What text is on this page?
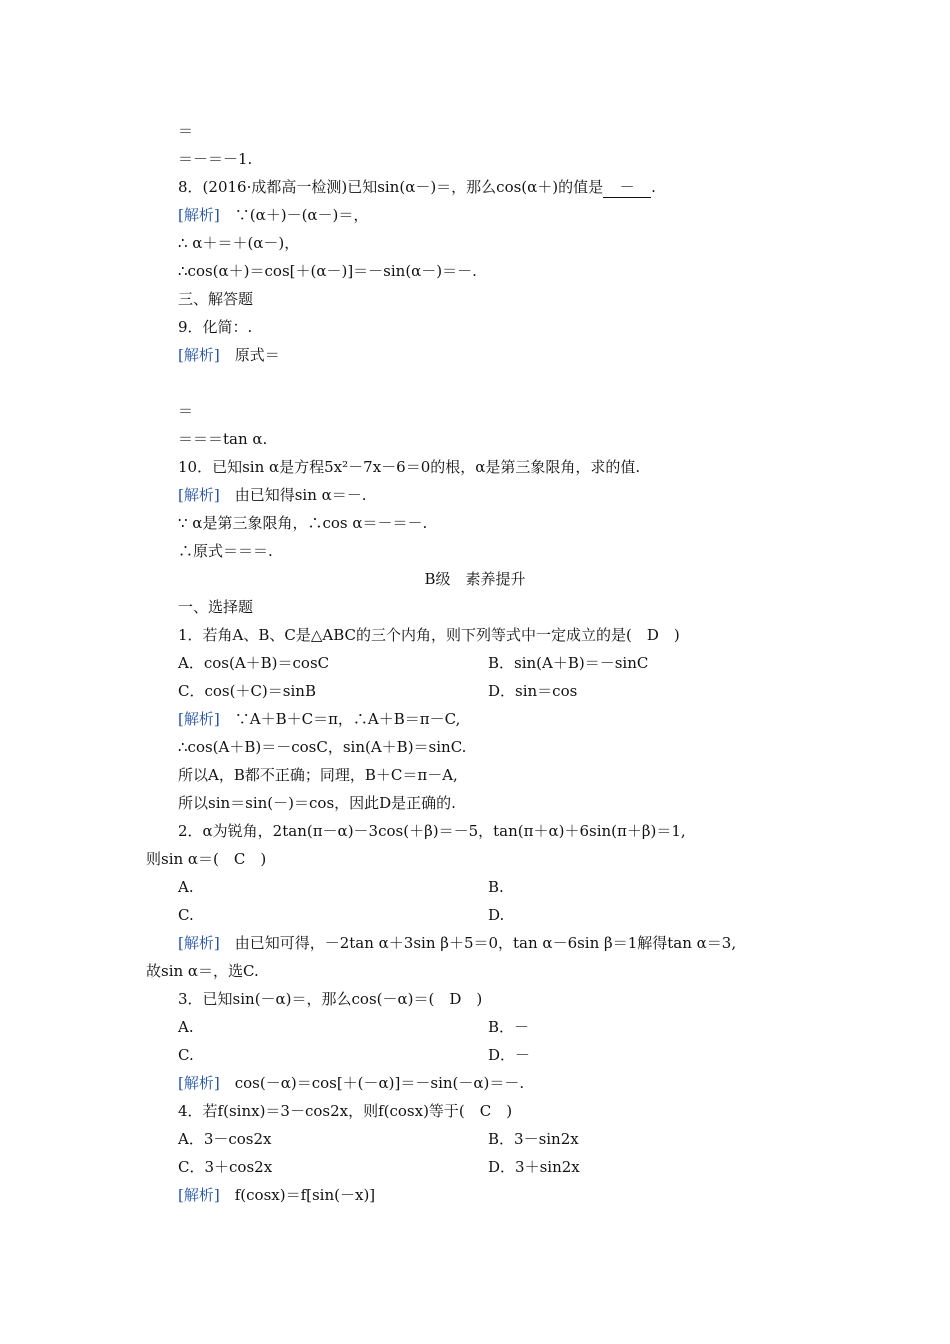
＝
＝－＝－1.
8．(2016·成都高一检测)已知sin(α－)＝，那么cos(α＋)的值是 － .
[解析]　 ∵(α＋)－(α－)＝，
∴ α＋＝＋(α－)，
∴cos(α＋)＝cos[＋(α－)]＝－sin(α－)＝－.
三、解答题
9．化简：.
[解析]　 原式＝
＝
＝＝＝tan α.
10．已知sin α是方程5x²－7x－6＝0的根，α是第三象限角，求的值.
[解析]　 由已知得sin α＝－.
∵ α是第三象限角，∴cos α＝－＝－.
∴原式＝＝＝.
B级　素养提升
一、选择题
1．若角A、B、C是△ABC的三个内角，则下列等式中一定成立的是(　D　)
A．cos(A＋B)＝cosC	B．sin(A＋B)＝－sinC
C．cos(＋C)＝sinB	D．sin＝cos
[解析]　 ∵A＋B＋C＝π，∴A＋B＝π－C,
∴cos(A＋B)＝－cosC，sin(A＋B)＝sinC.
所以A，B都不正确；同理，B＋C＝π－A,
所以sin＝sin(－)＝cos，因此D是正确的.
2．α为锐角，2tan(π－α)－3cos(＋β)＝－5，tan(π＋α)＋6sin(π＋β)＝1,
则sin α＝(　C　)
A.	B.
C.	D.
[解析]　 由已知可得，－2tan α＋3sin β＋5＝0，tan α－6sin β＝1解得tan α＝3,
故sin α＝，选C.
3．已知sin(－α)＝，那么cos(－α)＝(　D　)
A.	B．－
C.	D．－
[解析]　 cos(－α)＝cos[＋(－α)]＝－sin(－α)＝－.
4．若f(sinx)＝3－cos2x，则f(cosx)等于(　C　)
A．3－cos2x	B．3－sin2x
C．3＋cos2x	D．3＋sin2x
[解析]　 f(cosx)＝f[sin(－x)]
